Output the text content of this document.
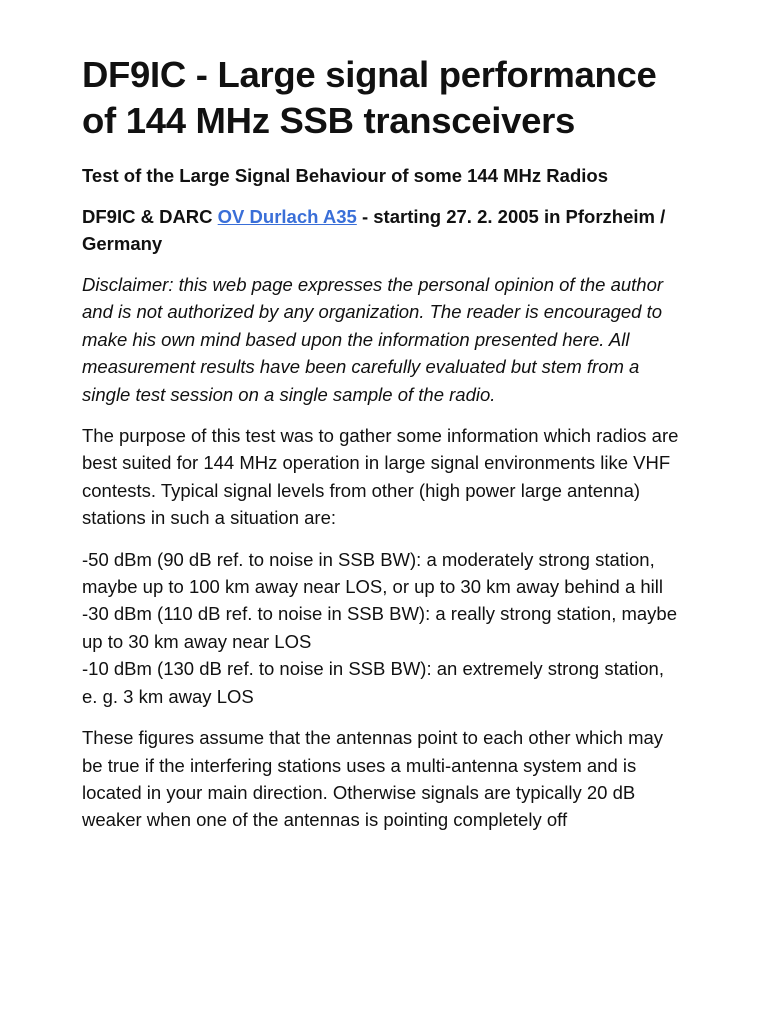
DF9IC - Large signal performance of 144 MHz SSB transceivers
Test of the Large Signal Behaviour of some 144 MHz Radios
DF9IC & DARC OV Durlach A35 - starting 27. 2. 2005 in Pforzheim / Germany

Disclaimer: this web page expresses the personal opinion of the author and is not authorized by any organization. The reader is encouraged to make his own mind based upon the information presented here. All measurement results have been carefully evaluated but stem from a single test session on a single sample of the radio.

The purpose of this test was to gather some information which radios are best suited for 144 MHz operation in large signal environments like VHF contests. Typical signal levels from other (high power large antenna) stations in such a situation are:

-50 dBm (90 dB ref. to noise in SSB BW): a moderately strong station, maybe up to 100 km away near LOS, or up to 30 km away behind a hill
-30 dBm (110 dB ref. to noise in SSB BW): a really strong station, maybe up to 30 km away near LOS
-10 dBm (130 dB ref. to noise in SSB BW): an extremely strong station, e. g. 3 km away LOS

These figures assume that the antennas point to each other which may be true if the interfering stations uses a multi-antenna system and is located in your main direction. Otherwise signals are typically 20 dB weaker when one of the antennas is pointing completely off
